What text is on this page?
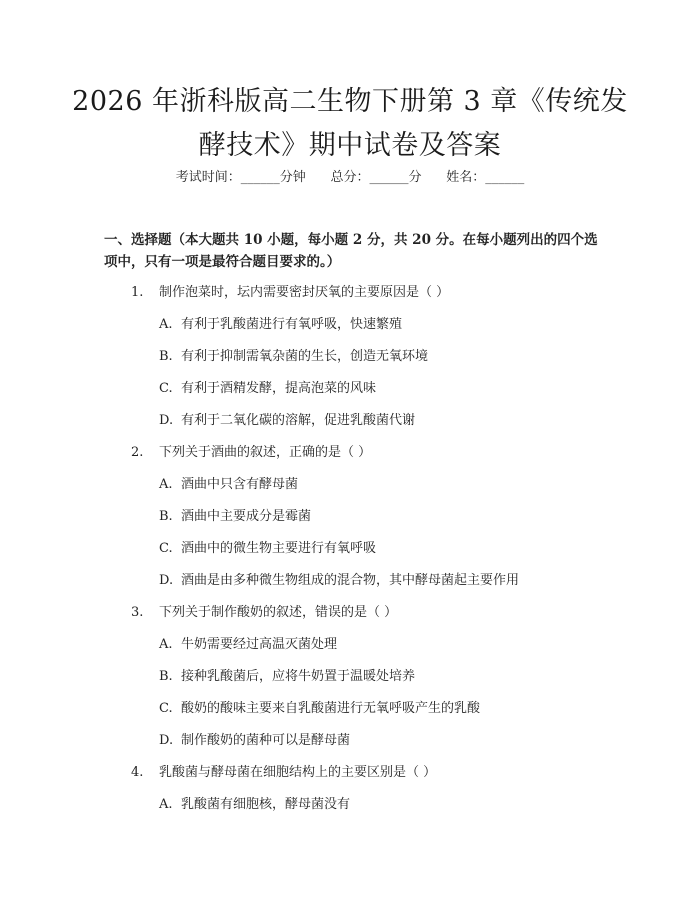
2026 年浙科版高二生物下册第 3 章《传统发
酵技术》期中试卷及答案
考试时间：______分钟      总分：______分      姓名：______
一、选择题（本大题共 10 小题，每小题 2 分，共 20 分。在每小题列出的四个选
项中，只有一项是最符合题目要求的。）
1. 制作泡菜时，坛内需要密封厌氧的主要原因是（ ）
A. 有利于乳酸菌进行有氧呼吸，快速繁殖
B. 有利于抑制需氧杂菌的生长，创造无氧环境
C. 有利于酒精发酵，提高泡菜的风味
D. 有利于二氧化碳的溶解，促进乳酸菌代谢
2. 下列关于酒曲的叙述，正确的是（ ）
A. 酒曲中只含有酵母菌
B. 酒曲中主要成分是霉菌
C. 酒曲中的微生物主要进行有氧呼吸
D. 酒曲是由多种微生物组成的混合物，其中酵母菌起主要作用
3. 下列关于制作酸奶的叙述，错误的是（ ）
A. 牛奶需要经过高温灭菌处理
B. 接种乳酸菌后，应将牛奶置于温暖处培养
C. 酸奶的酸味主要来自乳酸菌进行无氧呼吸产生的乳酸
D. 制作酸奶的菌种可以是酵母菌
4. 乳酸菌与酵母菌在细胞结构上的主要区别是（ ）
A. 乳酸菌有细胞核，酵母菌没有
